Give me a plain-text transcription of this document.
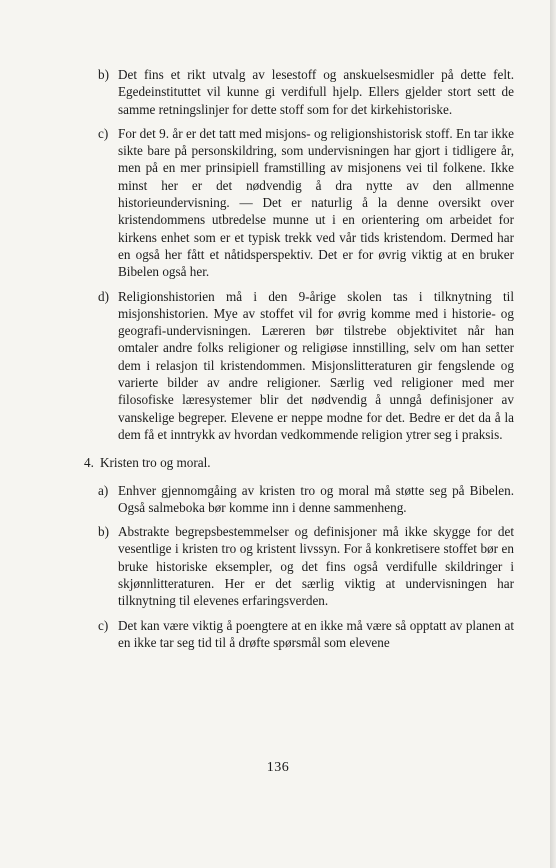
b) Det fins et rikt utvalg av lesestoff og anskuelsesmidler på dette felt. Egedeinstituttet vil kunne gi verdifull hjelp. Ellers gjelder stort sett de samme retningslinjer for dette stoff som for det kirkehistoriske.
c) For det 9. år er det tatt med misjons- og religionshistorisk stoff. En tar ikke sikte bare på personskildring, som undervisningen har gjort i tidligere år, men på en mer prinsipiell framstilling av misjonens vei til folkene. Ikke minst her er det nødvendig å dra nytte av den allmenne historieundervisning. — Det er naturlig å la denne oversikt over kristendommens utbredelse munne ut i en orientering om arbeidet for kirkens enhet som er et typisk trekk ved vår tids kristendom. Dermed har en også her fått et nåtidsperspektiv. Det er for øvrig viktig at en bruker Bibelen også her.
d) Religionshistorien må i den 9-årige skolen tas i tilknytning til misjonshistorien. Mye av stoffet vil for øvrig komme med i historie- og geografi-undervisningen. Læreren bør tilstrebe objektivitet når han omtaler andre folks religioner og religiøse innstilling, selv om han setter dem i relasjon til kristendommen. Misjonslitteraturen gir fengslende og varierte bilder av andre religioner. Særlig ved religioner med mer filosofiske læresystemer blir det nødvendig å unngå definisjoner av vanskelige begreper. Elevene er neppe modne for det. Bedre er det da å la dem få et inntrykk av hvordan vedkommende religion ytrer seg i praksis.
4. Kristen tro og moral.
a) Enhver gjennomgåing av kristen tro og moral må støtte seg på Bibelen. Også salmeboka bør komme inn i denne sammenheng.
b) Abstrakte begrepsbestemmelser og definisjoner må ikke skygge for det vesentlige i kristen tro og kristent livssyn. For å konkretisere stoffet bør en bruke historiske eksempler, og det fins også verdifulle skildringer i skjønnlitteraturen. Her er det særlig viktig at undervisningen har tilknytning til elevenes erfaringsverden.
c) Det kan være viktig å poengtere at en ikke må være så opptatt av planen at en ikke tar seg tid til å drøfte spørsmål som elevene
136
